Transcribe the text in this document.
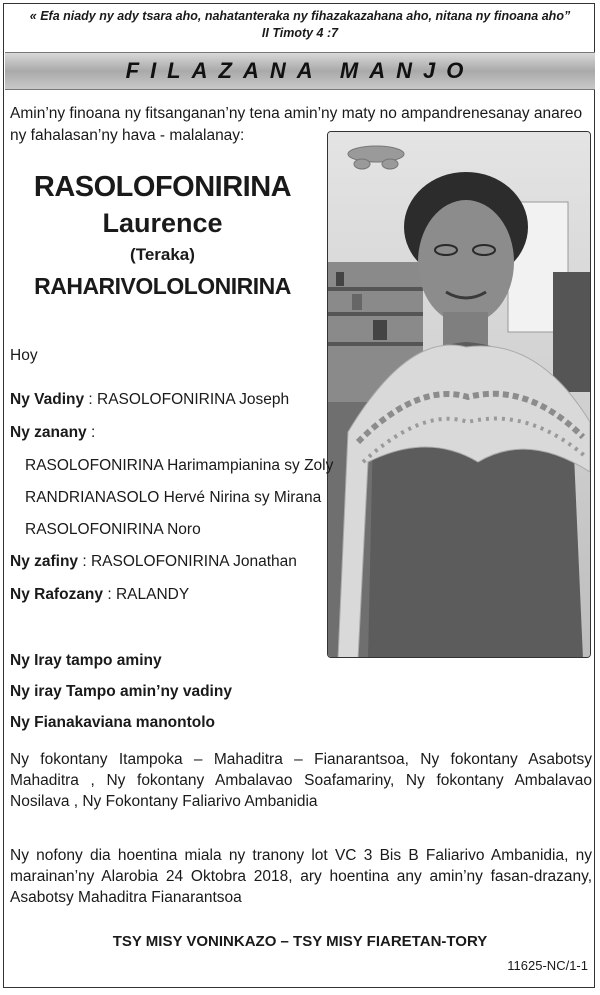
« Efa niady ny ady tsara aho, nahatanteraka ny fihazakazahana aho, nitana ny finoana aho”
II Timoty 4 :7
FILAZANA MANJO
Amin’ny finoana ny fitsanganan’ny tena amin’ny maty no ampandrenesanay anareo ny fahalasan’ny hava - malalanay:
RASOLOFONIRINA
Laurence
(Teraka)
RAHARIVOLOLONIRINA
Hoy
Ny Vadiny : RASOLOFONIRINA Joseph
Ny zanany :
RASOLOFONIRINA Harimampianina sy Zoly
RANDRIANASOLO Hervé Nirina sy Mirana
RASOLOFONIRINA Noro
Ny zafiny : RASOLOFONIRINA Jonathan
Ny Rafozany : RALANDY
Ny Iray tampo aminy
Ny iray Tampo amin’ny vadiny
Ny Fianakaviana manontolo
Ny fokontany Itampoka – Mahaditra – Fianarantsoa, Ny fokontany Asabotsy Mahaditra , Ny fokontany Ambalavao Soafamariny, Ny fokontany Ambalavao Nosilava , Ny Fokontany Faliarivo Ambanidia
Ny nofony dia hoentina miala ny tranony lot VC 3 Bis B Faliarivo Ambanidia, ny marainan’ny Alarobia 24 Oktobra 2018, ary hoentina any amin’ny fasan-drazany, Asabotsy Mahaditra Fianarantsoa
TSY MISY VONINKAZO – TSY MISY FIARETAN-TORY
11625-NC/1-1
